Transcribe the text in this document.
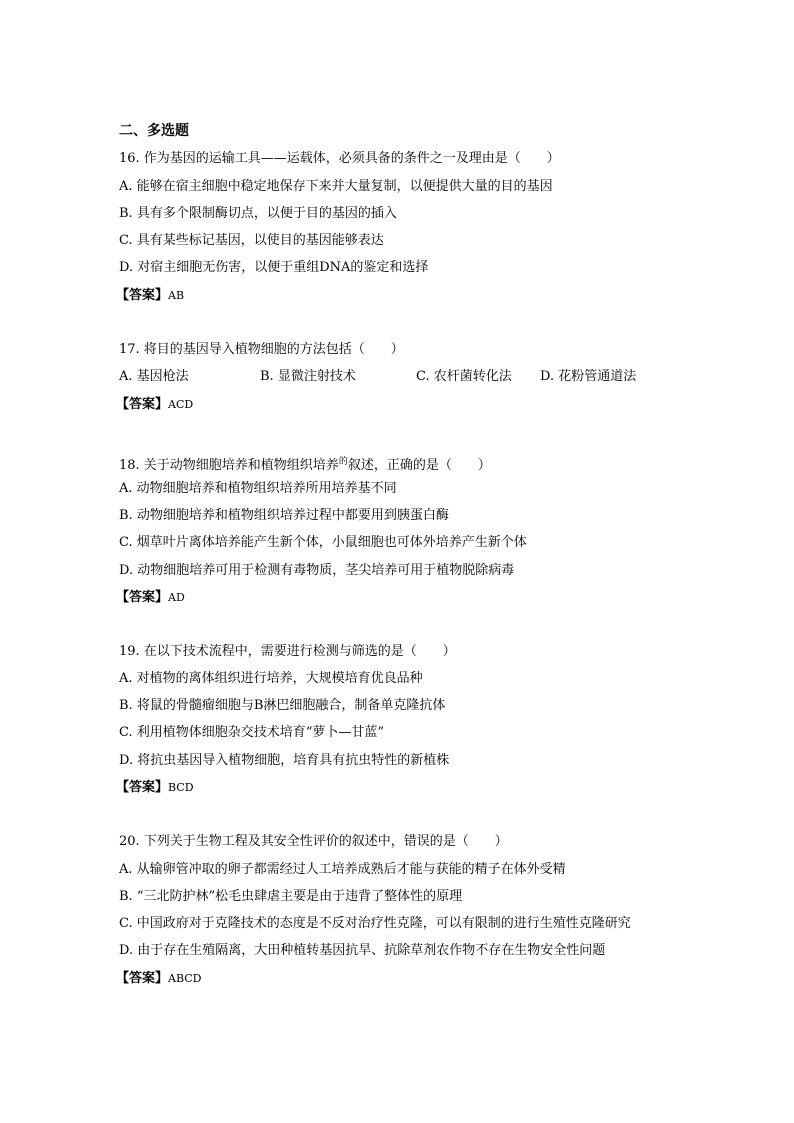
二、多选题
16. 作为基因的运输工具——运载体，必须具备的条件之一及理由是（　　）
A. 能够在宿主细胞中稳定地保存下来并大量复制，以便提供大量的目的基因
B. 具有多个限制酶切点，以便于目的基因的插入
C. 具有某些标记基因，以使目的基因能够表达
D. 对宿主细胞无伤害，以便于重组DNA的鉴定和选择
【答案】AB
17. 将目的基因导入植物细胞的方法包括（　　）
A. 基因枪法	B. 显微注射技术	C. 农杆菌转化法 D. 花粉管通道法
【答案】ACD
18. 关于动物细胞培养和植物组织培养$^的$叙述，正确的是（　　）
A. 动物细胞培养和植物组织培养所用培养基不同
B. 动物细胞培养和植物组织培养过程中都要用到胰蛋白酶
C. 烟草叶片离体培养能产生新个体，小鼠细胞也可体外培养产生新个体
D. 动物细胞培养可用于检测有毒物质，茎尖培养可用于植物脱除病毒
【答案】AD
19. 在以下技术流程中，需要进行检测与筛选的是（　　）
A. 对植物的离体组织进行培养，大规模培育优良品种
B. 将鼠的骨髓瘤细胞与B淋巴细胞融合，制备单克隆抗体
C. 利用植物体细胞杂交技术培育“萝卜—甘蓝”
D. 将抗虫基因导入植物细胞，培育具有抗虫特性的新植株
【答案】BCD
20. 下列关于生物工程及其安全性评价的叙述中，错误的是（　　）
A. 从输卵管冲取的卵子都需经过人工培养成熟后才能与获能的精子在体外受精
B. “三北防护林”松毛虫肆虐主要是由于违背了整体性的原理
C. 中国政府对于克隆技术的态度是不反对治疗性克隆，可以有限制的进行生殖性克隆研究
D. 由于存在生殖隔离，大田种植转基因抗旱、抗除草剂农作物不存在生物安全性问题
【答案】ABCD
